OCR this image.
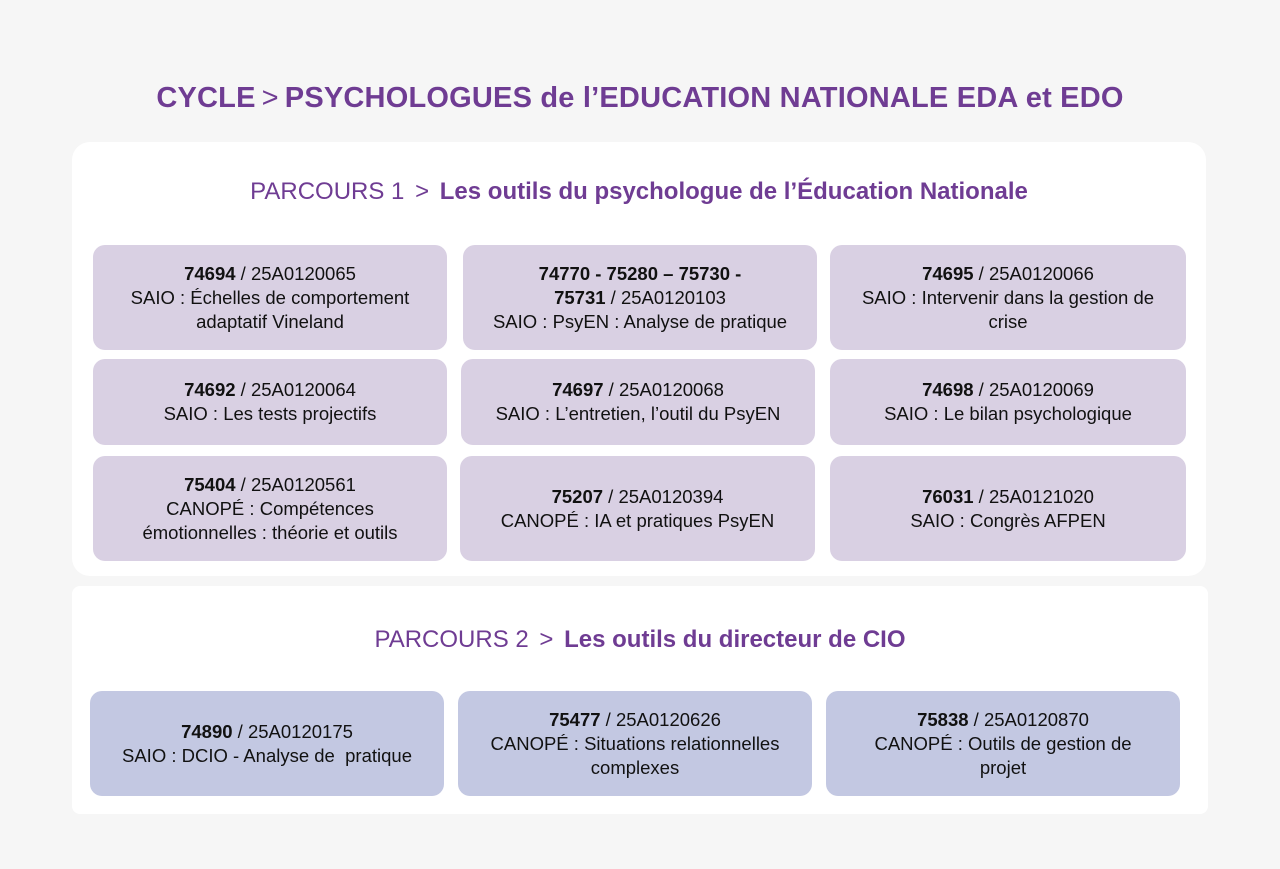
CYCLE > PSYCHOLOGUES de l’EDUCATION NATIONALE EDA et EDO
PARCOURS 1 > Les outils du psychologue de l’Éducation Nationale
74694 / 25A0120065
SAIO : Échelles de comportement adaptatif Vineland
74770 - 75280 – 75730 - 75731 / 25A0120103
SAIO : PsyEN : Analyse de pratique
74695 / 25A0120066
SAIO : Intervenir dans la gestion de crise
74692 / 25A0120064
SAIO : Les tests projectifs
74697 / 25A0120068
SAIO : L’entretien, l’outil du PsyEN
74698 / 25A0120069
SAIO : Le bilan psychologique
75404 / 25A0120561
CANOPÉ : Compétences émotionnelles : théorie et outils
75207 / 25A0120394
CANOPÉ : IA et pratiques PsyEN
76031 / 25A0121020
SAIO : Congrès AFPEN
PARCOURS 2 > Les outils du directeur de CIO
74890 / 25A0120175
SAIO : DCIO - Analyse de  pratique
75477 / 25A0120626
CANOPÉ : Situations relationnelles complexes
75838 / 25A0120870
CANOPÉ : Outils de gestion de projet
